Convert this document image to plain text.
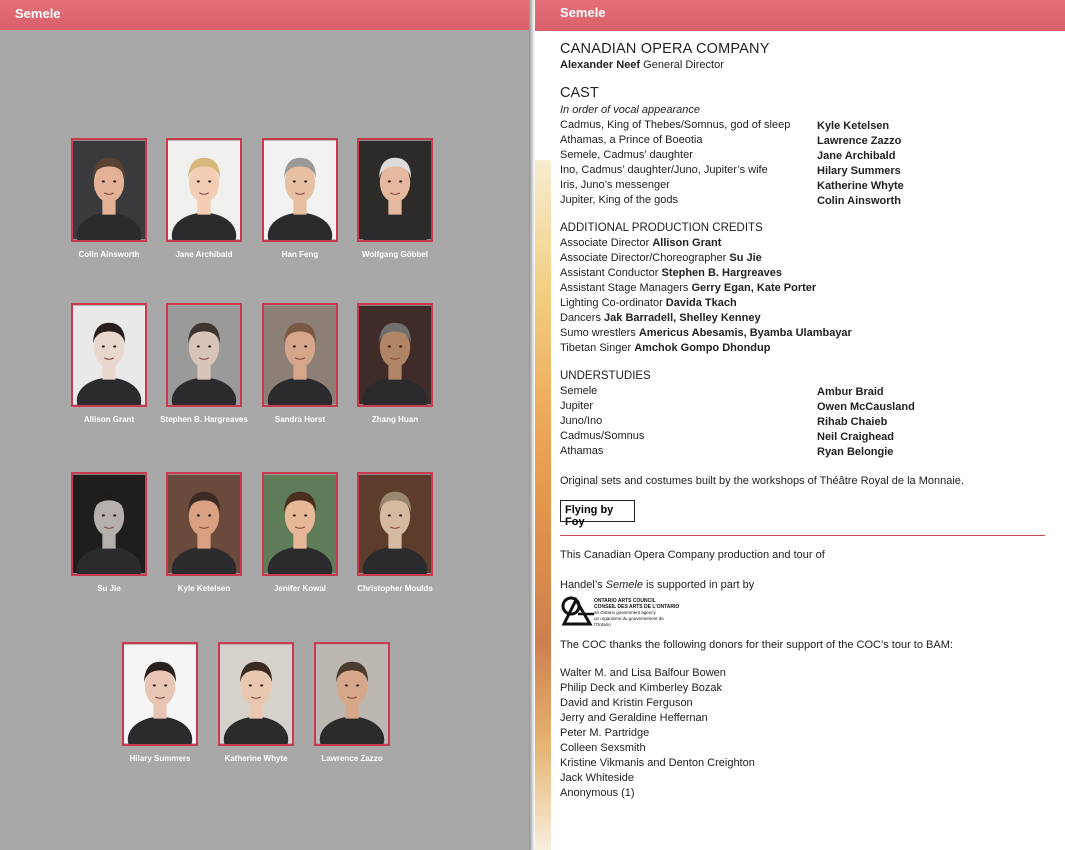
Semele
Colin Ainsworth	Jane Archibald	Han Feng	Wolfgang Göbbel
Allison Grant	Stephen B. Hargreaves	Sandra Horst	Zhang Huan
Su Jie	Kyle Ketelsen	Jenifer Kowal	Christopher Moulds
Hilary Summers	Katherine Whyte	Lawrence Zazzo
Semele
CANADIAN OPERA COMPANY
Alexander Neef General Director
CAST
In order of vocal appearance
ADDITIONAL PRODUCTION CREDITS
UNDERSTUDIES
Original sets and costumes built by the workshops of Théâtre Royal de la Monnaie.
Flying by Foy
This Canadian Opera Company production and tour of
Handel’s Semele is supported in part by
ONTARIO ARTS COUNCIL
CONSEIL DES ARTS DE L'ONTARIO
an Ontario government agency
un organisme du gouvernement de l'Ontario
The COC thanks the following donors for their support of the COC’s tour to BAM:
Cadmus, King of Thebes/Somnus, god of sleep Kyle Ketelsen
Athamas, a Prince of Boeotia	Lawrence Zazzo
Semele, Cadmus’ daughter	Jane Archibald
Ino, Cadmus’ daughter/Juno, Jupiter’s wife	Hilary Summers
Iris, Juno’s messenger	Katherine Whyte
Jupiter, King of the gods	Colin Ainsworth
Associate Director Allison Grant
Associate Director/Choreographer Su Jie
Assistant Conductor Stephen B. Hargreaves
Assistant Stage Managers Gerry Egan, Kate Porter
Lighting Co-ordinator Davida Tkach
Dancers Jak Barradell, Shelley Kenney
Sumo wrestlers Americus Abesamis, Byamba Ulambayar
Tibetan Singer Amchok Gompo Dhondup
Semele	Ambur Braid
Jupiter	Owen McCausland
Juno/Ino	Rihab Chaieb
Cadmus/Somnus	Neil Craighead
Athamas	Ryan Belongie
Walter M. and Lisa Balfour Bowen
Philip Deck and Kimberley Bozak
David and Kristin Ferguson
Jerry and Geraldine Heffernan
Peter M. Partridge
Colleen Sexsmith
Kristine Vikmanis and Denton Creighton
Jack Whiteside
Anonymous (1)
